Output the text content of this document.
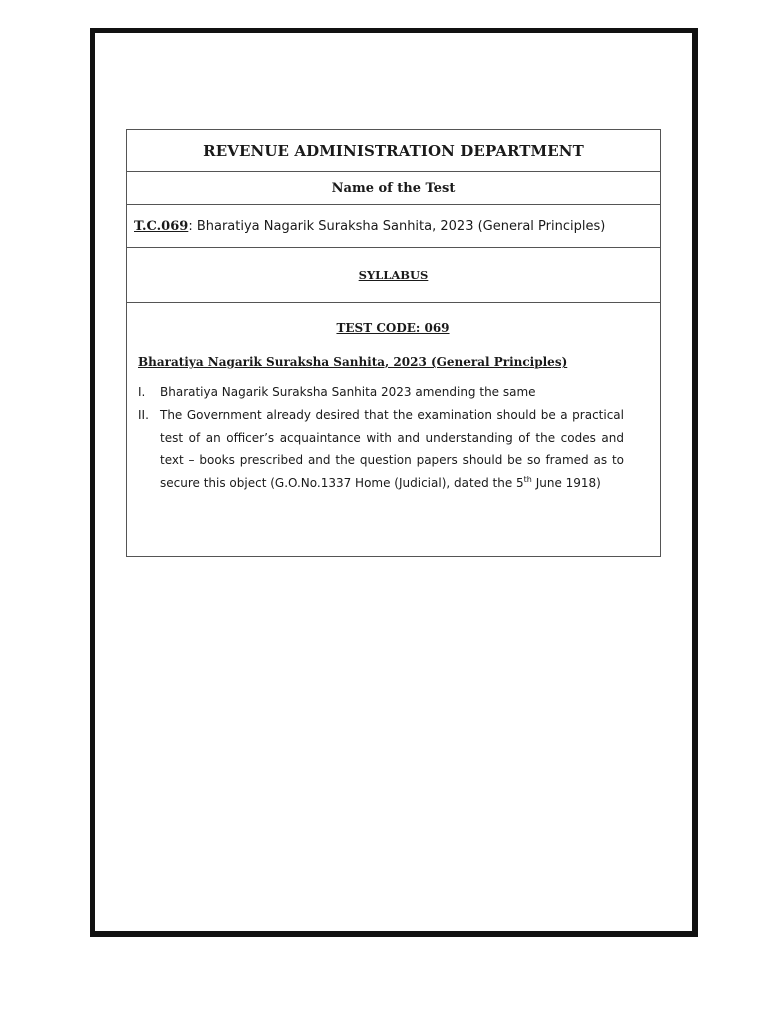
REVENUE ADMINISTRATION DEPARTMENT
Name of the Test
T.C.069 : Bharatiya Nagarik Suraksha Sanhita, 2023 (General Principles)
SYLLABUS
TEST CODE: 069
Bharatiya Nagarik Suraksha Sanhita, 2023 (General Principles)
I.	Bharatiya Nagarik Suraksha Sanhita 2023 amending the same
II. The Government already desired that the examination should be a practical test of an officer’s acquaintance with and understanding of the codes and text – books prescribed and the question papers should be so framed as to secure this object (G.O.No.1337 Home (Judicial), dated the 5th June 1918)
